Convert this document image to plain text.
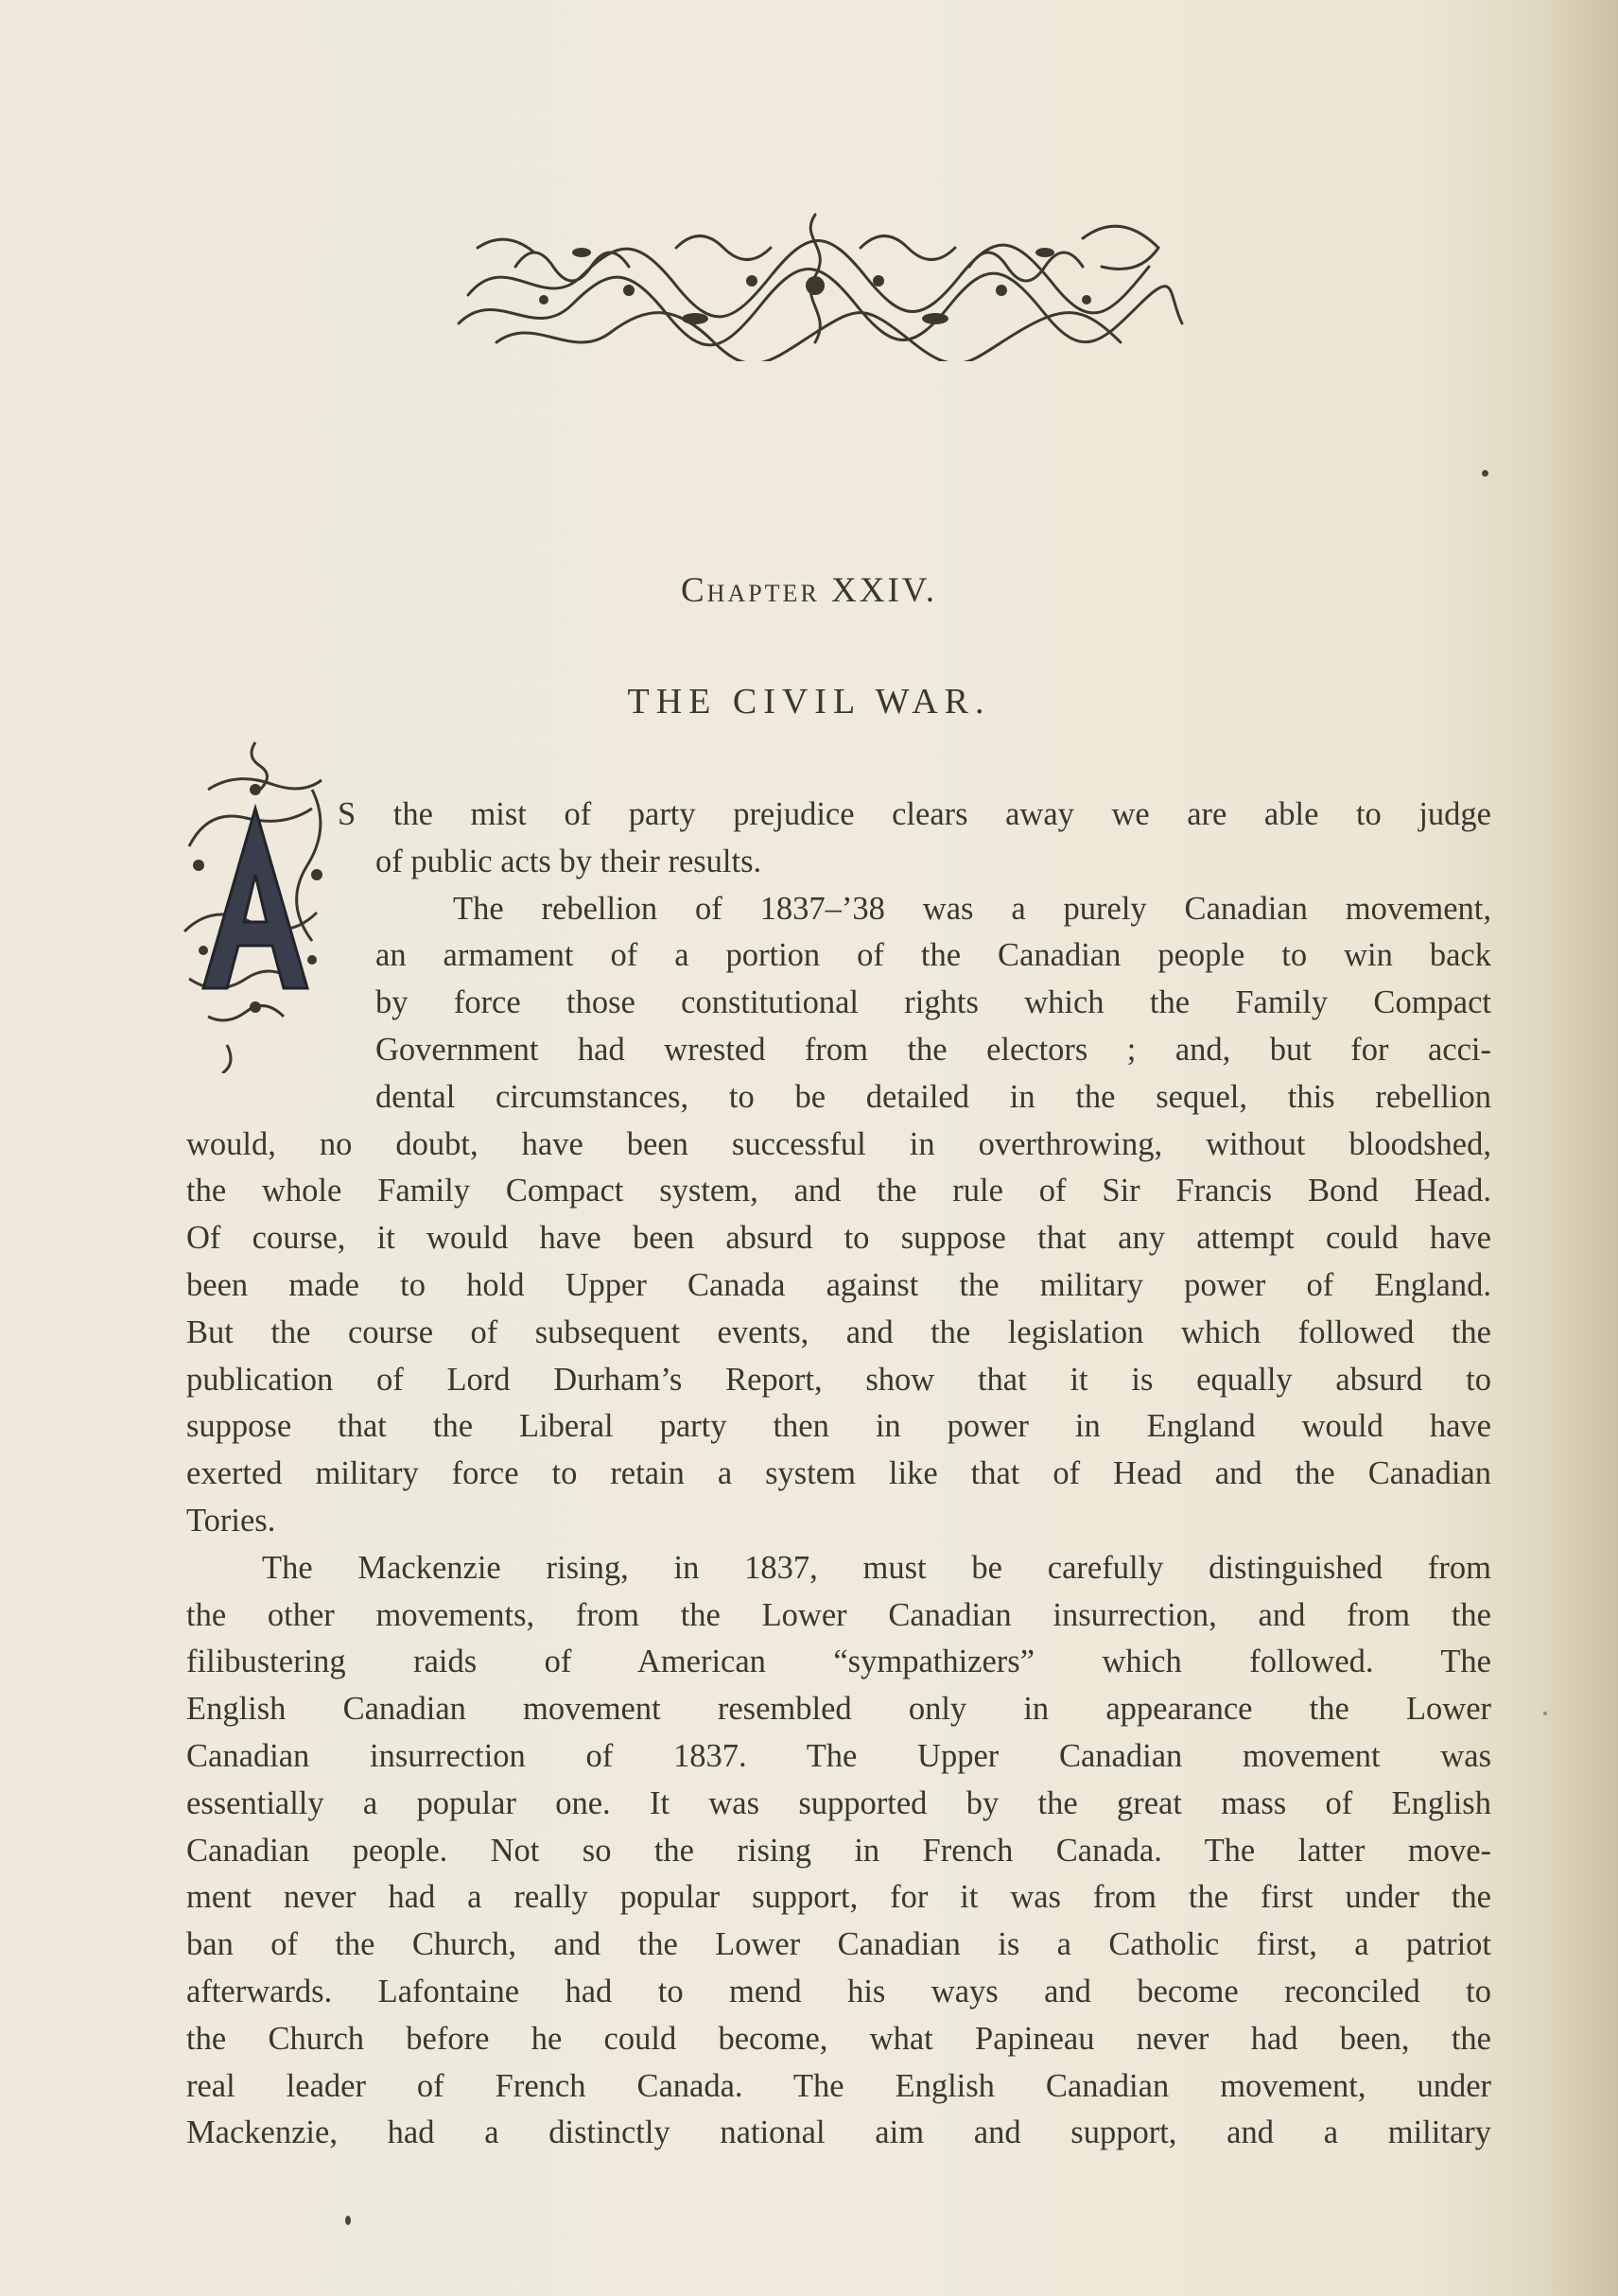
Chapter XXIV.
THE CIVIL WAR.
S the mist of party prejudice clears away we are able to judge
of public acts by their results.
The rebellion of 1837–’38 was a purely Canadian movement,
an armament of a portion of the Canadian people to win back
by force those constitutional rights which the Family Compact
Government had wrested from the electors ; and, but for acci-
dental circumstances, to be detailed in the sequel, this rebellion
would, no doubt, have been successful in overthrowing, without bloodshed,
the whole Family Compact system, and the rule of Sir Francis Bond Head.
Of course, it would have been absurd to suppose that any attempt could have
been made to hold Upper Canada against the military power of England.
But the course of subsequent events, and the legislation which followed the
publication of Lord Durham’s Report, show that it is equally absurd to
suppose that the Liberal party then in power in England would have
exerted military force to retain a system like that of Head and the Canadian
Tories.
The Mackenzie rising, in 1837, must be carefully distinguished from
the other movements, from the Lower Canadian insurrection, and from the
filibustering raids of American “sympathizers” which followed. The
English Canadian movement resembled only in appearance the Lower
Canadian insurrection of 1837. The Upper Canadian movement was
essentially a popular one. It was supported by the great mass of English
Canadian people. Not so the rising in French Canada. The latter move-
ment never had a really popular support, for it was from the first under the
ban of the Church, and the Lower Canadian is a Catholic first, a patriot
afterwards. Lafontaine had to mend his ways and become reconciled to
the Church before he could become, what Papineau never had been, the
real leader of French Canada. The English Canadian movement, under
Mackenzie, had a distinctly national aim and support, and a military
